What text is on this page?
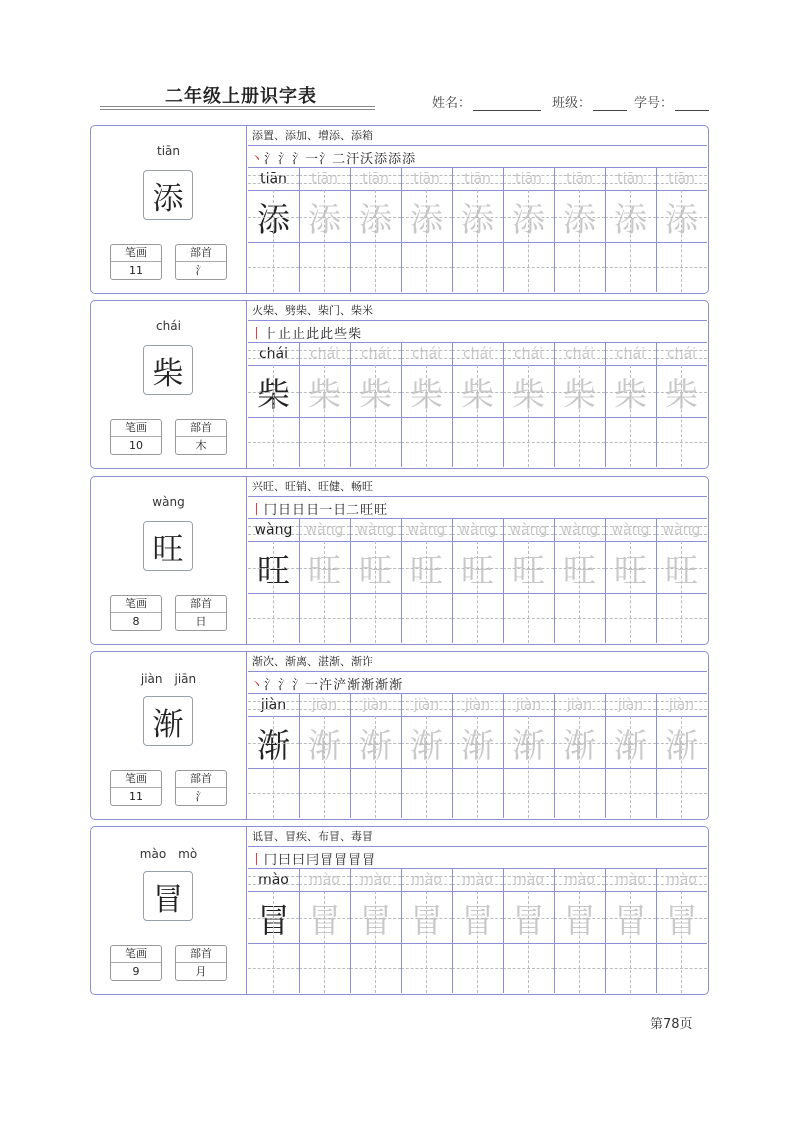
二年级上册识字表	姓名：	班级：	学号：
tiān
添
笔画
11
部首
氵
添置、添加、增添、添箱
丶氵氵氵一氵二汗沃添添添
tiān
添
tiān
添
tiān
添
tiān
添
tiān
添
tiān
添
tiān
添
tiān
添
tiān
添
chái
柴
笔画
10
部首
木
火柴、劈柴、柴门、柴米
丨⺊止止此此些柴
chái
柴
chái
柴
chái
柴
chái
柴
chái
柴
chái
柴
chái
柴
chái
柴
chái
柴
wàng
旺
笔画
8
部首
日
兴旺、旺销、旺健、畅旺
丨冂日日日一日二旺旺
wàng
旺
wàng
旺
wàng
旺
wàng
旺
wàng
旺
wàng
旺
wàng
旺
wàng
旺
wàng
旺
jiàn　jiān
渐
笔画
11
部首
氵
渐次、渐离、湛渐、渐诈
丶氵氵氵一汻浐渐渐渐渐
jiàn
渐
jiàn
渐
jiàn
渐
jiàn
渐
jiàn
渐
jiàn
渐
jiàn
渐
jiàn
渐
jiàn
渐
mào　mò
冒
笔画
9
部首
月
诋冒、冒疾、布冒、毒冒
丨冂曰曰冃冒冒冒冒
mào
冒
mào
冒
mào
冒
mào
冒
mào
冒
mào
冒
mào
冒
mào
冒
mào
冒
第78页
